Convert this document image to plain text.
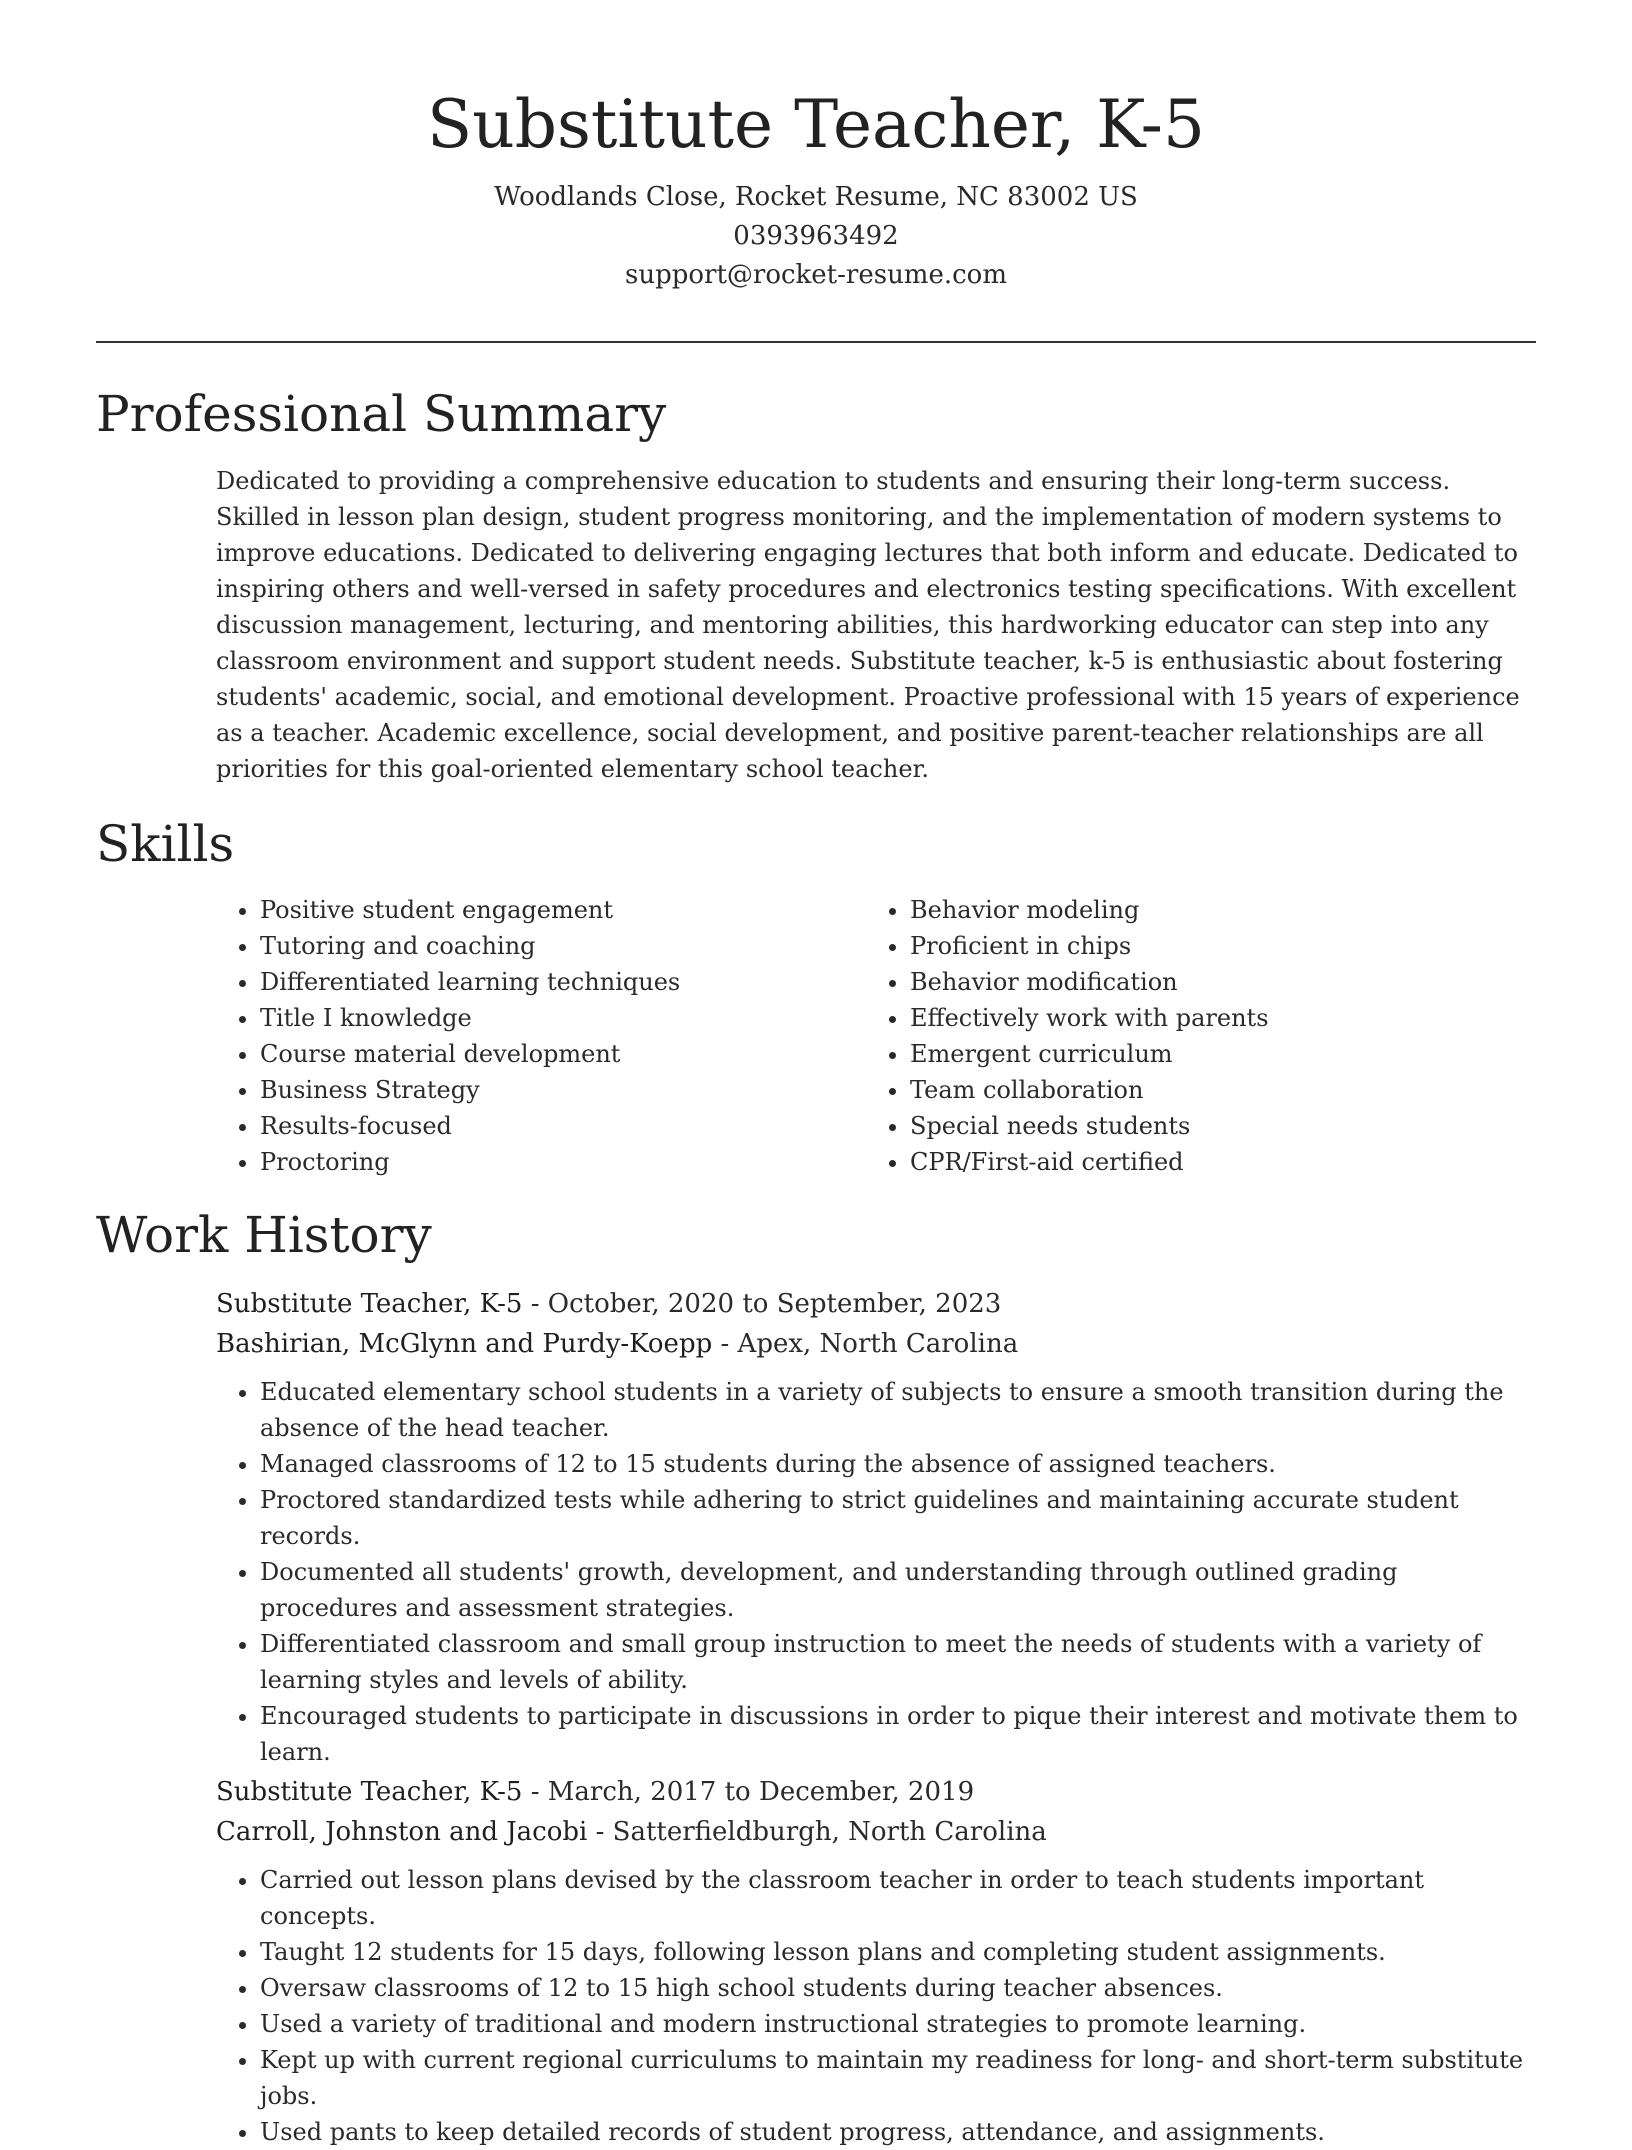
Substitute Teacher, K-5

Woodlands Close, Rocket Resume, NC 83002 US

0393963492

support@rocket-resume.com

Professional Summary

Dedicated to providing a comprehensive education to students and ensuring their long-term success. Skilled in lesson plan design, student progress monitoring, and the implementation of modern systems to improve educations. Dedicated to delivering engaging lectures that both inform and educate. Dedicated to inspiring others and well-versed in safety procedures and electronics testing specifications. With excellent discussion management, lecturing, and mentoring abilities, this hardworking educator can step into any classroom environment and support student needs. Substitute teacher, k-5 is enthusiastic about fostering students' academic, social, and emotional development. Proactive professional with 15 years of experience as a teacher. Academic excellence, social development, and positive parent-teacher relationships are all priorities for this goal-oriented elementary school teacher.

Skills
• Positive student engagement
• Tutoring and coaching
• Differentiated learning techniques
• Title I knowledge
• Course material development
• Business Strategy
• Results-focused
• Proctoring
• Behavior modeling
• Proficient in chips
• Behavior modification
• Effectively work with parents
• Emergent curriculum
• Team collaboration
• Special needs students
• CPR/First-aid certified
Work History

Substitute Teacher, K-5 - October, 2020 to September, 2023

Bashirian, McGlynn and Purdy-Koepp - Apex, North Carolina

• Educated elementary school students in a variety of subjects to ensure a smooth transition during the absence of the head teacher.
• Managed classrooms of 12 to 15 students during the absence of assigned teachers.
• Proctored standardized tests while adhering to strict guidelines and maintaining accurate student records.
• Documented all students' growth, development, and understanding through outlined grading procedures and assessment strategies.
• Differentiated classroom and small group instruction to meet the needs of students with a variety of learning styles and levels of ability.
• Encouraged students to participate in discussions in order to pique their interest and motivate them to learn.

Substitute Teacher, K-5 - March, 2017 to December, 2019

Carroll, Johnston and Jacobi - Satterfieldburgh, North Carolina

• Carried out lesson plans devised by the classroom teacher in order to teach students important concepts.
• Taught 12 students for 15 days, following lesson plans and completing student assignments.
• Oversaw classrooms of 12 to 15 high school students during teacher absences.
• Used a variety of traditional and modern instructional strategies to promote learning.
• Kept up with current regional curriculums to maintain my readiness for long- and short-term substitute jobs.
• Used pants to keep detailed records of student progress, attendance, and assignments.
